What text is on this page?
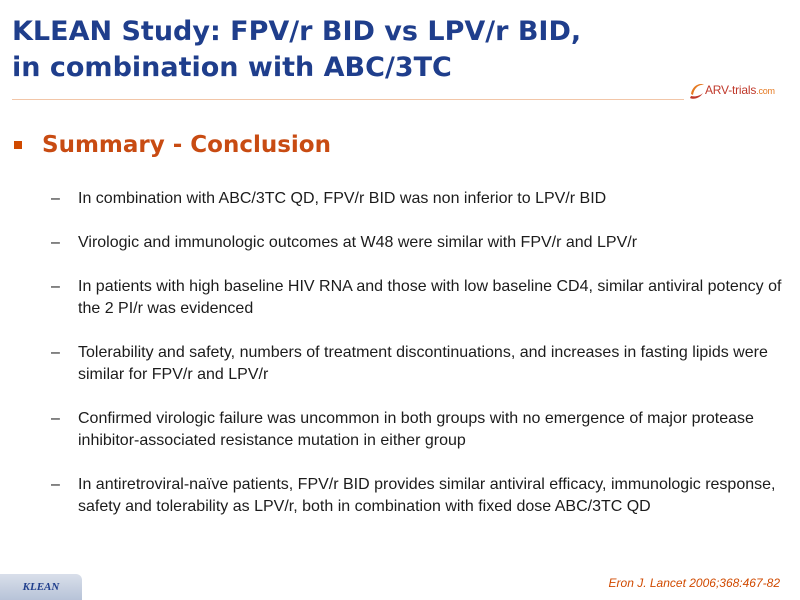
KLEAN Study: FPV/r BID vs LPV/r BID,
in combination with ABC/3TC
ARV-trials.com
Summary - Conclusion
– In combination with ABC/3TC QD, FPV/r BID was non inferior to LPV/r BID
– Virologic and immunologic outcomes at W48 were similar with FPV/r and LPV/r
– In patients with high baseline HIV RNA and those with low baseline CD4, similar antiviral potency of the 2 PI/r was evidenced
– Tolerability and safety, numbers of treatment discontinuations, and increases in fasting lipids were similar for FPV/r and LPV/r
– Confirmed virologic failure was uncommon in both groups with no emergence of major protease inhibitor-associated resistance mutation in either group
– In antiretroviral-naïve patients, FPV/r BID provides similar antiviral efficacy, immunologic response, safety and tolerability as LPV/r, both in combination with fixed dose ABC/3TC QD
KLEAN	Eron J. Lancet 2006;368:467-82
